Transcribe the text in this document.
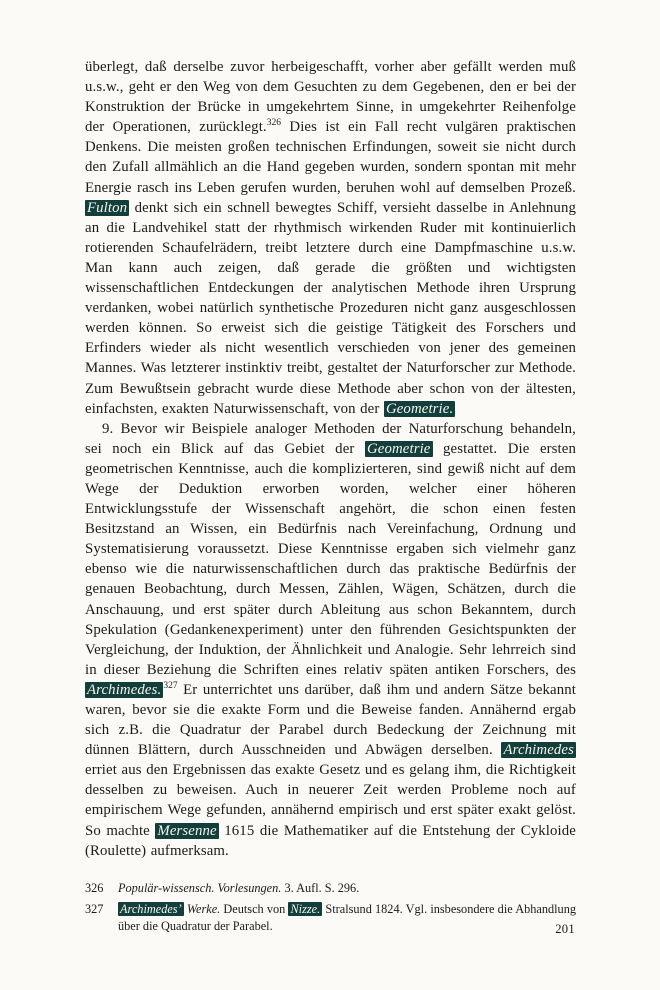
überlegt, daß derselbe zuvor herbeigeschafft, vorher aber gefällt werden muß u.s.w., geht er den Weg von dem Gesuchten zu dem Gegebenen, den er bei der Konstruktion der Brücke in umgekehrtem Sinne, in umgekehrter Reihenfolge der Operationen, zurücklegt.$^{326}$ Dies ist ein Fall recht vulgären praktischen Denkens. Die meisten großen technischen Erfindungen, soweit sie nicht durch den Zufall allmählich an die Hand gegeben wurden, sondern spontan mit mehr Energie rasch ins Leben gerufen wurden, beruhen wohl auf demselben Prozeß. Fulton denkt sich ein schnell bewegtes Schiff, versieht dasselbe in Anlehnung an die Landvehikel statt der rhythmisch wirkenden Ruder mit kontinuierlich rotierenden Schaufelrädern, treibt letztere durch eine Dampfmaschine u.s.w. Man kann auch zeigen, daß gerade die größten und wichtigsten wissenschaftlichen Entdeckungen der analytischen Methode ihren Ursprung verdanken, wobei natürlich synthetische Prozeduren nicht ganz ausgeschlossen werden können. So erweist sich die geistige Tätigkeit des Forschers und Erfinders wieder als nicht wesentlich verschieden von jener des gemeinen Mannes. Was letzterer instinktiv treibt, gestaltet der Naturforscher zur Methode. Zum Bewußtsein gebracht wurde diese Methode aber schon von der ältesten, einfachsten, exakten Naturwissenschaft, von der Geometrie.

9. Bevor wir Beispiele analoger Methoden der Naturforschung behandeln, sei noch ein Blick auf das Gebiet der Geometrie gestattet. Die ersten geometrischen Kenntnisse, auch die komplizierteren, sind gewiß nicht auf dem Wege der Deduktion erworben worden, welcher einer höheren Entwicklungsstufe der Wissenschaft angehört, die schon einen festen Besitzstand an Wissen, ein Bedürfnis nach Vereinfachung, Ordnung und Systematisierung voraussetzt. Diese Kenntnisse ergaben sich vielmehr ganz ebenso wie die naturwissenschaftlichen durch das praktische Bedürfnis der genauen Beobachtung, durch Messen, Zählen, Wägen, Schätzen, durch die Anschauung, und erst später durch Ableitung aus schon Bekanntem, durch Spekulation (Gedankenexperiment) unter den führenden Gesichtspunkten der Vergleichung, der Induktion, der Ähnlichkeit und Analogie. Sehr lehrreich sind in dieser Beziehung die Schriften eines relativ späten antiken Forschers, des Archimedes. $^{327}$ Er unterrichtet uns darüber, daß ihm und andern Sätze bekannt waren, bevor sie die exakte Form und die Beweise fanden. Annähernd ergab sich z.B. die Quadratur der Parabel durch Bedeckung der Zeichnung mit dünnen Blättern, durch Ausschneiden und Abwägen derselben. Archimedes erriet aus den Ergebnissen das exakte Gesetz und es gelang ihm, die Richtigkeit desselben zu beweisen. Auch in neuerer Zeit werden Probleme noch auf empirischem Wege gefunden, annähernd empirisch und erst später exakt gelöst. So machte Mersenne 1615 die Mathematiker auf die Entstehung der Cykloide (Roulette) aufmerksam.

326 Populär-wissensch. Vorlesungen. 3. Aufl. S. 296.
327 Archimedes’ Werke. Deutsch von Nizze. Stralsund 1824. Vgl. insbesondere die Abhandlung über die Quadratur der Parabel.	201
